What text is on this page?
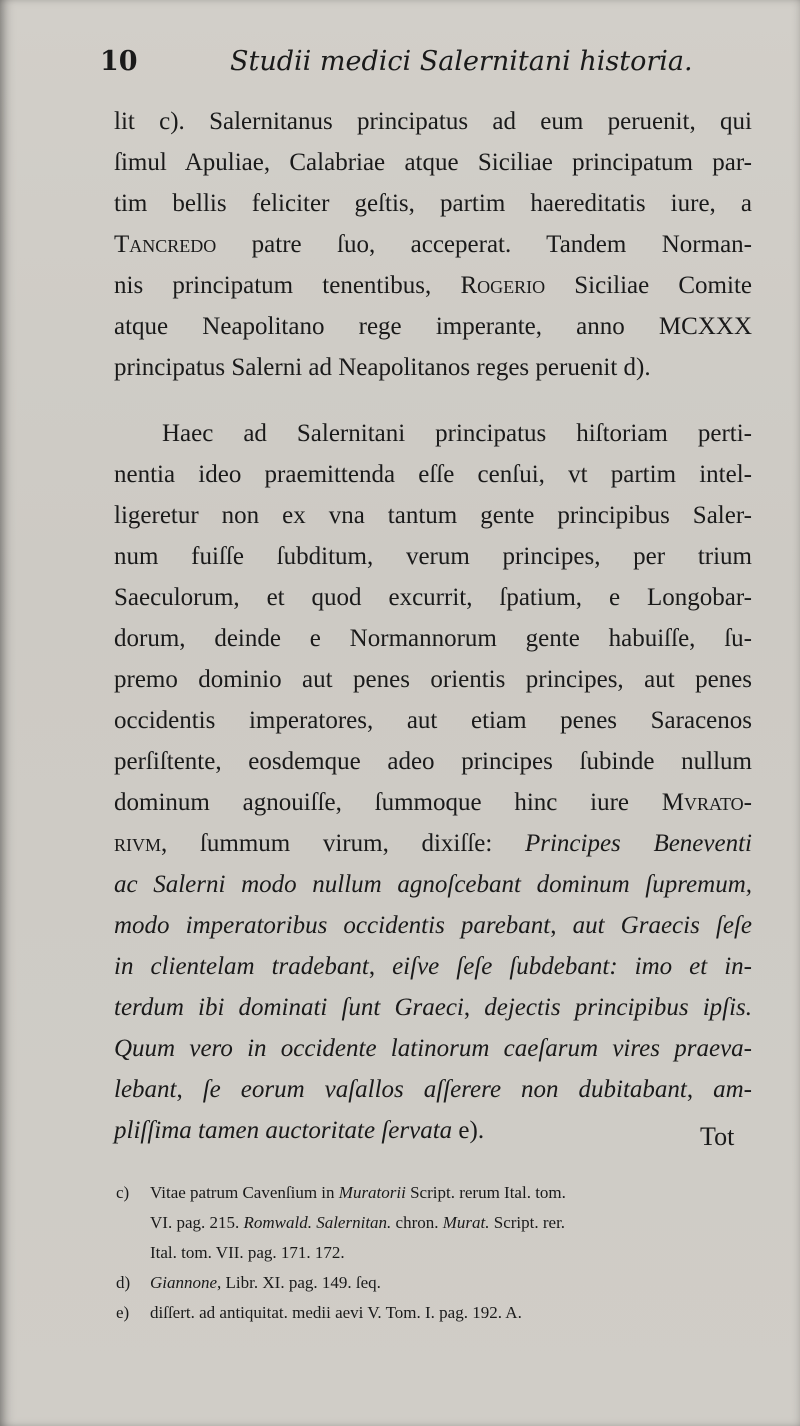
10	Studii medici Salernitani historia.
lit c). Salernitanus principatus ad eum peruenit, qui
ſimul Apuliae, Calabriae atque Siciliae principatum par-
tim bellis feliciter geſtis, partim haereditatis iure, a
Tancredo patre ſuo, acceperat. Tandem Norman-
nis principatum tenentibus, Rogerio Siciliae Comite
atque Neapolitano rege imperante, anno MCXXX
principatus Salerni ad Neapolitanos reges peruenit d).
Haec ad Salernitani principatus hiſtoriam perti-
nentia ideo praemittenda eſſe cenſui, vt partim intel-
ligeretur non ex vna tantum gente principibus Saler-
num fuiſſe ſubditum, verum principes, per trium
Saeculorum, et quod excurrit, ſpatium, e Longobar-
dorum, deinde e Normannorum gente habuiſſe, ſu-
premo dominio aut penes orientis principes, aut penes
occidentis imperatores, aut etiam penes Saracenos
perſiſtente, eosdemque adeo principes ſubinde nullum
dominum agnouiſſe, ſummoque hinc iure Mvrato-
rivm, ſummum virum, dixiſſe: Principes Beneventi
ac Salerni modo nullum agnoſcebant dominum ſupremum,
modo imperatoribus occidentis parebant, aut Graecis ſeſe
in clientelam tradebant, eiſve ſeſe ſubdebant: imo et in-
terdum ibi dominati ſunt Graeci, dejectis principibus ipſis.
Quum vero in occidente latinorum caeſarum vires praeva-
lebant, ſe eorum vaſallos aſſerere non dubitabant, am-
pliſſima tamen auctoritate ſervata e).	Tot
c) Vitae patrum Cavenſium in Muratorii Script. rerum Ital. tom.
VI. pag. 215. Romwald. Salernitan. chron. Murat. Script. rer.
Ital. tom. VII. pag. 171. 172.
d) Giannone, Libr. XI. pag. 149. ſeq.
e) diſſert. ad antiquitat. medii aevi V. Tom. I. pag. 192. A.
